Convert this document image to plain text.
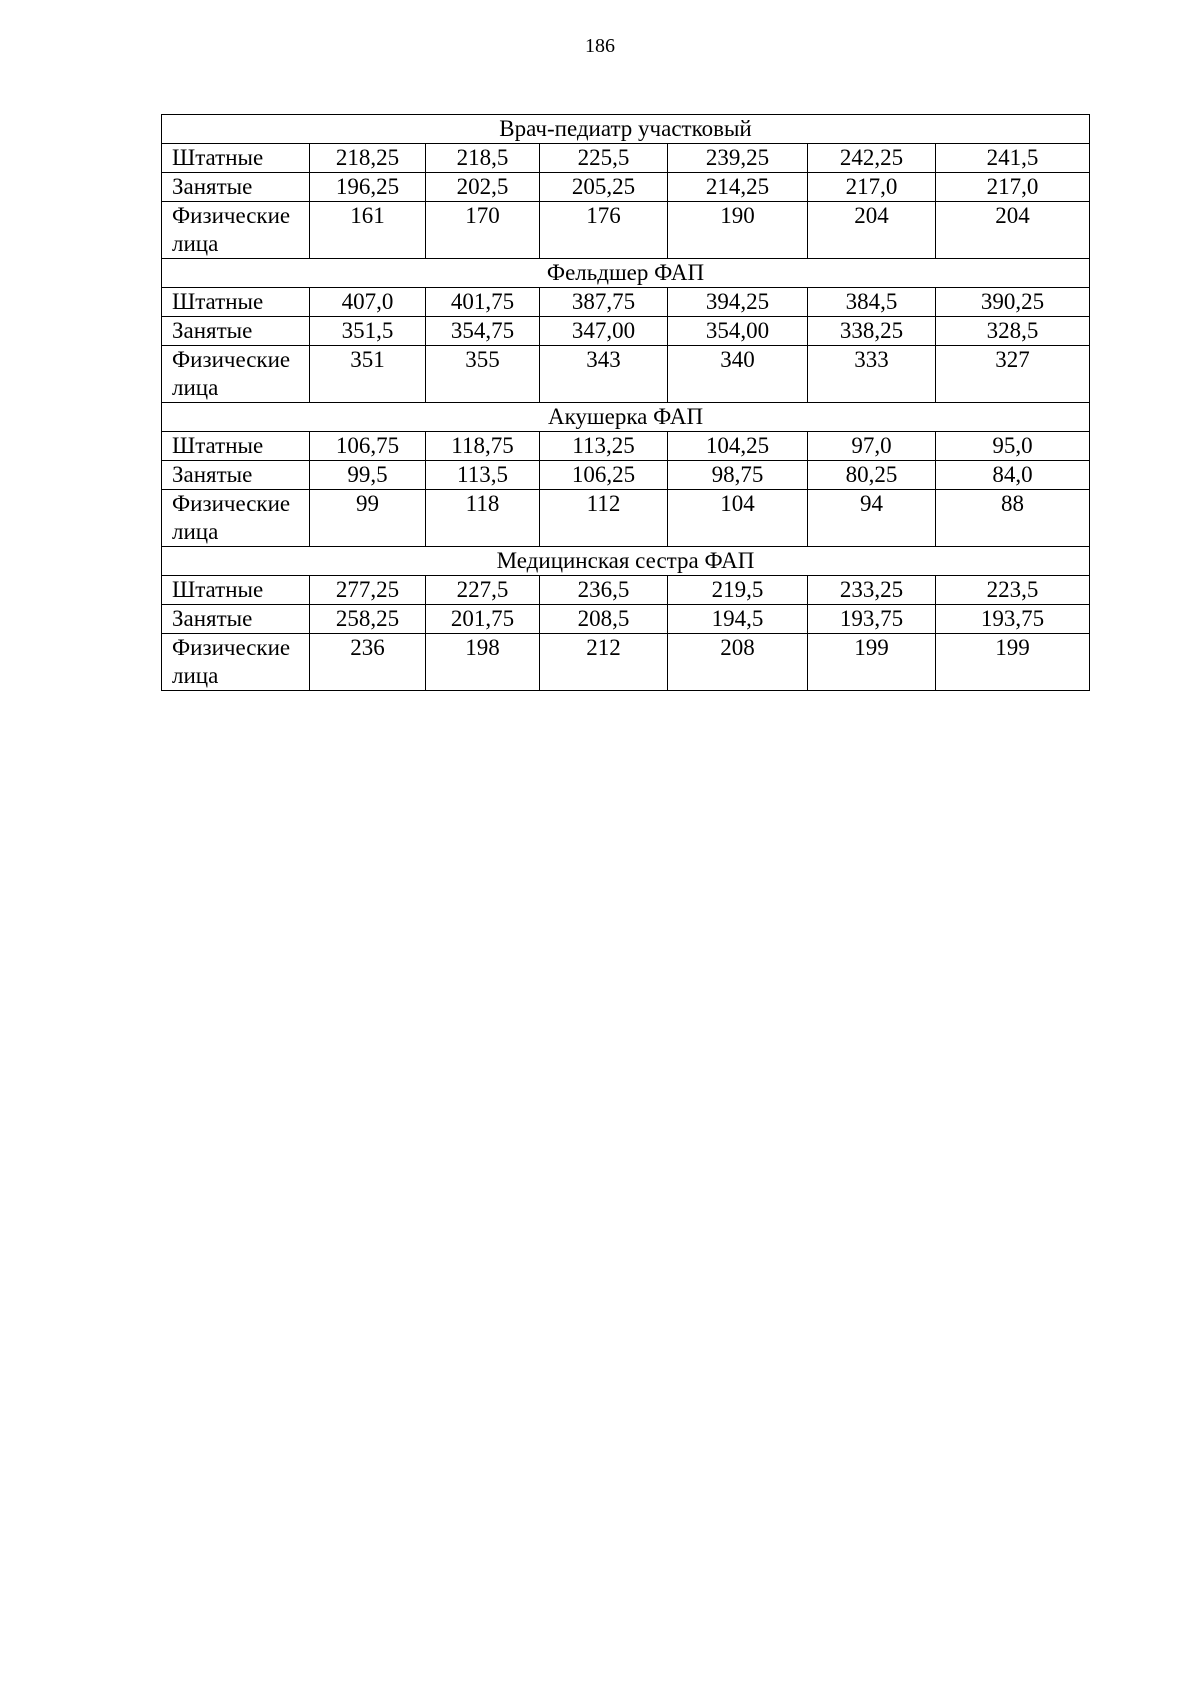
186
Врач-педиатр участковый						
Штатные	218,25	218,5	225,5	239,25	242,25	241,5
Занятые	196,25	202,5	205,25	214,25	217,0	217,0
Физические лица	161	170	176	190	204	204
Фельдшер ФАП						
Штатные	407,0	401,75	387,75	394,25	384,5	390,25
Занятые	351,5	354,75	347,00	354,00	338,25	328,5
Физические лица	351	355	343	340	333	327
Акушерка ФАП						
Штатные	106,75	118,75	113,25	104,25	97,0	95,0
Занятые	99,5	113,5	106,25	98,75	80,25	84,0
Физические лица	99	118	112	104	94	88
Медицинская сестра ФАП						
Штатные	277,25	227,5	236,5	219,5	233,25	223,5
Занятые	258,25	201,75	208,5	194,5	193,75	193,75
Физические лица	236	198	212	208	199	199
